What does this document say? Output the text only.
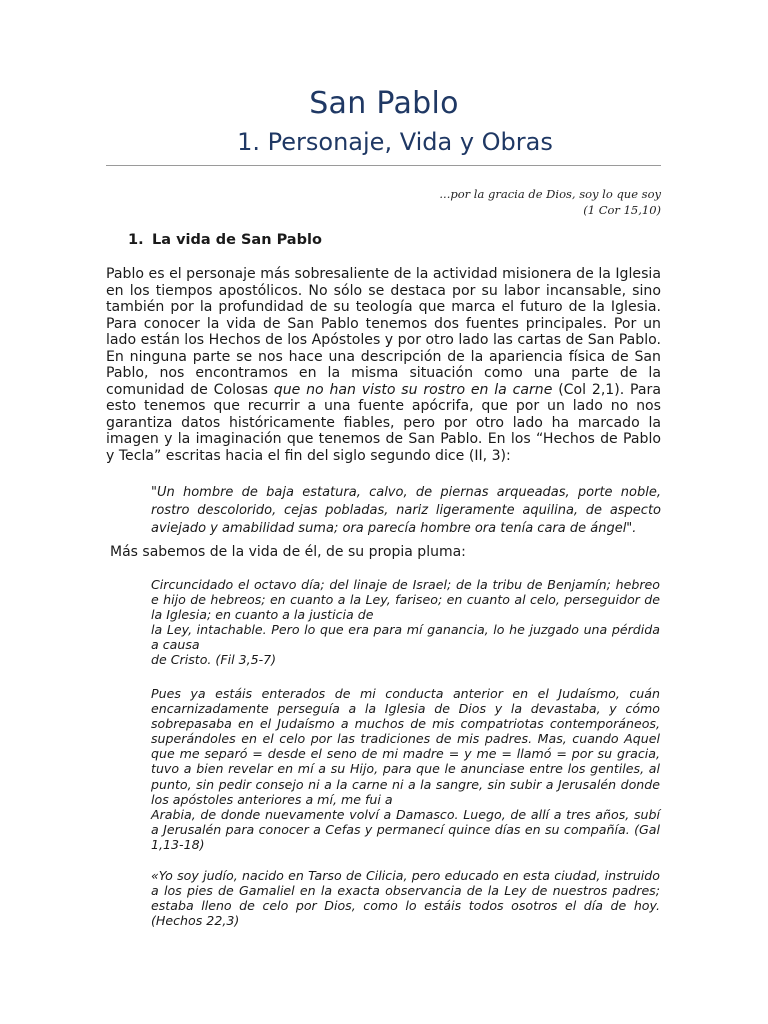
San Pablo
1. Personaje, Vida y Obras
...por la gracia de Dios, soy lo que soy
(1 Cor 15,10)
1. La vida de San Pablo
Pablo es el personaje más sobresaliente de la actividad misionera de la Iglesia en los tiempos apostólicos. No sólo se destaca por su labor incansable, sino también por la profundidad de su teología que marca el futuro de la Iglesia. Para conocer la vida de San Pablo tenemos dos fuentes principales. Por un lado están los Hechos de los Apóstoles y por otro lado las cartas de San Pablo. En ninguna parte se nos hace una descripción de la apariencia física de San Pablo, nos encontramos en la misma situación como una parte de la comunidad de Colosas que no han visto su rostro en la carne (Col 2,1). Para esto tenemos que recurrir a una fuente apócrifa, que por un lado no nos garantiza datos históricamente fiables, pero por otro lado ha marcado la imagen y la imaginación que tenemos de San Pablo. En los “Hechos de Pablo y Tecla” escritas hacia el fin del siglo segundo dice (II, 3):
"Un hombre de baja estatura, calvo, de piernas arqueadas, porte noble, rostro descolorido, cejas pobladas, nariz ligeramente aquilina, de aspecto aviejado y amabilidad suma; ora parecía hombre ora tenía cara de ángel".
Más sabemos de la vida de él, de su propia pluma:
Circuncidado el octavo día; del linaje de Israel; de la tribu de Benjamín; hebreo
e hijo de hebreos; en cuanto a la Ley, fariseo; en cuanto al celo, perseguidor de
la Iglesia; en cuanto a la justicia de
la Ley, intachable. Pero lo que era para mí ganancia, lo he juzgado una pérdida
a causa
de Cristo. (Fil 3,5-7)
Pues ya estáis enterados de mi conducta anterior en el Judaísmo, cuán
encarnizadamente perseguía a la Iglesia de Dios y la devastaba, y cómo
sobrepasaba en el Judaísmo a muchos de mis compatriotas contemporáneos,
superándoles en el celo por las tradiciones de mis padres. Mas, cuando Aquel
que me separó = desde el seno de mi madre = y me = llamó = por su gracia,
tuvo a bien revelar en mí a su Hijo, para que le anunciase entre los gentiles, al
punto, sin pedir consejo ni a la carne ni a la sangre, sin subir a Jerusalén donde
los apóstoles anteriores a mí, me fui a
Arabia, de donde nuevamente volví a Damasco. Luego, de allí a tres años, subí
a Jerusalén para conocer a Cefas y permanecí quince días en su compañía. (Gal
1,13-18)
«Yo soy judío, nacido en Tarso de Cilicia, pero educado en esta ciudad, instruido
a los pies de Gamaliel en la exacta observancia de la Ley de nuestros padres;
estaba lleno de celo por Dios, como lo estáis todos osotros el día de hoy.
(Hechos 22,3)
